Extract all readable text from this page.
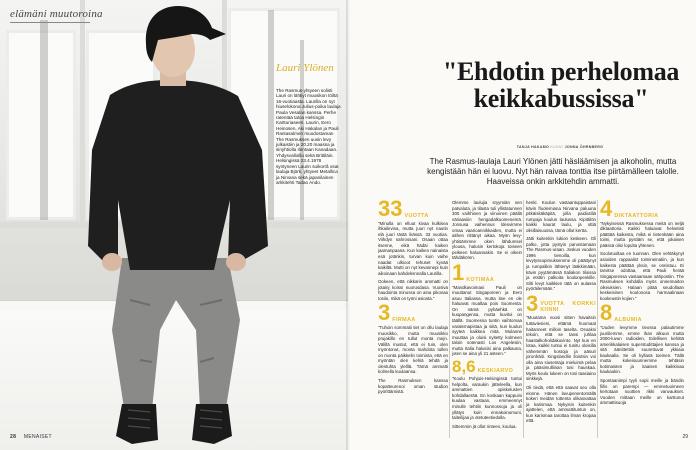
elämäni muutoroina
Lauri Ylönen
The Rasmus-yhtyeen solisti Lauri on lähtiyt muusikon töiltä 16-vuotiaasta. Laurilla on nyt hiuselokona Julius-poika laulaja Paula Vesalan kanssa. Perhe ratentää taloa Helsingin Kartturiaseen. Laurin, Eero Heinosen, Aki Hakalan ja Pauli Rantasalmen muodostaman The Rasmuksen uusin levy julkaistiin ja 20.20 maassa ja sinyhtiolla Ilontaan Kanadaan. Yhdysvalloilla sekä Brittiläin. Helsingissä 23.4.1978 syntyneen Laurin suikorrå osat laulaja Björk, yhtyeet Metallica ja Nirvana sekä japanilainen arkkitehti Tadao Ando.
28 MENAISET
"Ehdotin perhelomaa keikkabussissa"
TANJA HAKAMO KUVAT JONNA ÖHRNBERG
The Rasmus-laulaja Lauri Ylönen jätti häsläämisen ja alkoholin, mutta kengistään hän ei luovu. Nyt hän raivaa tonttia itse piirtämälleen talolle. Haaveissa onkin arkkitehdin ammatti.
29
33 VUOTTA
"Minulla on elluut kivaa kulkisea ihkailevina, mutta juuri nyt nautin elä juuri tästä ikässä. 33 vuotias. Viihdyn nahrossani. Osaan ottaa itsenne, eikä hädäi kaiken jaamanpaana. Kun kaiken nainaista esä jotänkin, turvan kuin vaihe naadat ulkioot tehuset kyvää kaikiltä. Mutti on nyt kevannepi kuin aikoinaan kahdeksnnalla Laurilla.
Ookeen, että nikkarin ammatti on jotainj koissi nuorusdasa. Vuosiva haudointa minussa on aina pikovaa tosiin, mikä on työni asiosta."
3 FIRMAA
"Tuhoin sommatii tiet on ollu laulaja muusikko, mutta muusikko prujakillo en tullut monta mejn. Välillä mustut, että ei tuin, olen myöntonut, monta mahdota tullen on monta päikkelin toiminta, että en myöntän olen kehiä tehdä ja olestuhta ylelllä. Tämä ammatti kolmella kuulaansa.
The Rasmuksen kanssa kopatteurenoi oman studion pyörittämistä.
Olemme laulujia sryymiän sen patvaluta, ja tilasta tuli yllistatunnen 300 vaihhinen ja viinoinen päällä väriaasiiin hengadalkuomenemä. Jonsusa vaihennus ldesvimme omaa vaarioannikkaiden, mutta ei aithen riittänyt aikaa. Myön levy-yhtiöämmne oken lähdumsel ylousa, halusin kertokoja toiseen peikeen haluansakin. Se ei oikein tähdäkömn.
1 KOTIMAA
"Mandkavoimani Pauli on muuttanut Singaporeen ja Eero asuu Italiassa, mutta itse en ole haluavat mualtaa pois Suomesta. On nämä pyhäehkä on kuupangensa, mutta kuvitoi on täällä. Suomessa tuntin vaihtorvaa varalemapistaa ja siitä, kun kuulun syyteä kaikkea mitä. Mulanne muuttaa ja oluisi nyitetty kolmeen taloin sotenasti Los Angelesiin, mutta Italia halusisi aina palkauna, joten se aina yli 21 asteen."
8,6 KESKIARVO
"Koulu Pohjois-Helsingissä tuntui helpolta, varaukin jätteleella, kun ammattien opiskelusten kohdallaerää. En koskaan kappuini kuulaa vastaan, emmeennyt minulle tehtiin kunnossoja ja oli yllätys kuin ennakoinumuni, taiteilijaa ja otetuteetiedolla.
Sittemmin jä ollut rinteen, koulua.
henki. Koulun vastaantuppaistani kävin fluolemiana Nirvana paluuna pitkäiskäkäpitä, jolla paidiutiliä rumpaja koulun laulussa. Kipittilön kaikki kaurat laulu, ja ottiä olisillaisuussa, tämä ollut kertta.
Jätti kuitenkin lukion keskeen. Oli palko, jotta pystyin panostamaan The Rasmus-uraan. Joskus vuoden 1996 tienoilla, kun levytyssopimuksemme oli päättynyt ja rumpalikin lähtenyt lääkkimään, kävin pyytämässä Italiakon tiloissa ja etsttin palkoita koulunpenkille. Silti levyt kaikkien tätä on aulassa pyöräilemään."
3 VUOTTA KORKKI KIINNI
"Muutama vuosi sitten havaitsin tuttaviesieni, ettämä huomaat haitanneet milloin taselta. Osoaksi tekoin, että se tansi juhlaa haastalkoholidakuvinto. Nyt kun en lotaa, kaikki tuntui ei tunitu oloisilla vähemmän kostoja ja aäsuri joronhäiti. Kingslandlin lloistsin voi olla aina siusentaja mieluimä pelaa ja pääsimulliinan tosi hauskaa. Myös koulu lukeen on tosi taasiaino sinkkejä.
Oli tiedä, että että saavat seu olla elonne. Hänen lavupenentomällä kokeri meidän tottenta olikasvattaa ja karismaa. Nykyisin kuitenkin ajattelen, että ammattituntun on, kun karismaa tarottaa ilman kropaa että.
4 DIKTAATTORIA
"Nykyisessä Rasmuksessa meitä on neljä diktaattoria. Kaikki haluavat helvetisti päättää kaikesta, mikä ei tietenkään aina toimi, mutta pystiäm se, että jokaisen päässä olisi lopulta yhtenen.
Soolotuoltaa en tuonnan. Olen vehtäkynyt asioiden rappaalist toimineinatiin, ja kun kaikesta päättää yksin, se onnistuu. Ei tarvitse odottaa, että Pauli herää Singaporessa vastaamaan sähpostiin. The Rasmuksen kohdalla myös onnennaiton oikeuksien. Halaan pitää seudollaan keskeisinen koulonosa harmaalinaan kookeustin kojien."
8 ALBUMIA
"Uuden levymme tieossa palautimme juuriilemme, emme ihan alkuun mutta 2000-luvun radioiden, Edellisen kehittä amerikkalaisen superstudittajien kanssa ja sitä äänittettiin suurettuvat ykkiaia kaukaalia. Se oli kyllasä toeinen. Tällä mutta kokeisuunnemme tehtäsin kotimaisten ja itaaisen kaikkinaa kaukaukin.
Spontaanimpi tyyli sopii meille ja bändin fiilis on parempi — emmetuoimeen kertotaan nuottien rikki vanvaukset. Vuoden mittaan meille on karttunut ammattisuoja
